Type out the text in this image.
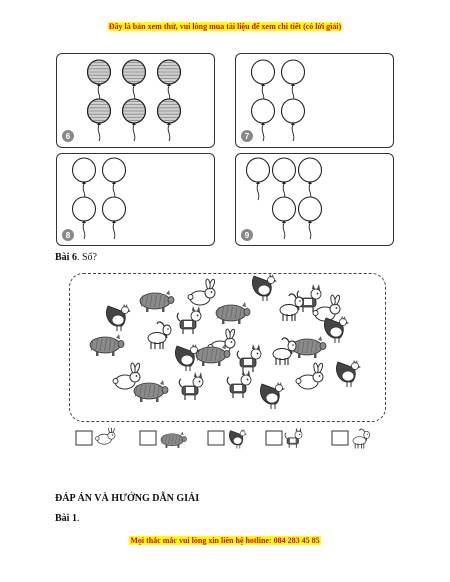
Đây là bản xem thử, vui lòng mua tài liệu để xem chi tiết (có lời giải)
6	7
8	9
Bài 6. Số?
ĐÁP ÁN VÀ HƯỚNG DẪN GIẢI
Bài 1.
Mọi thắc mắc vui lòng xin liên hệ hotline: 084 283 45 85
